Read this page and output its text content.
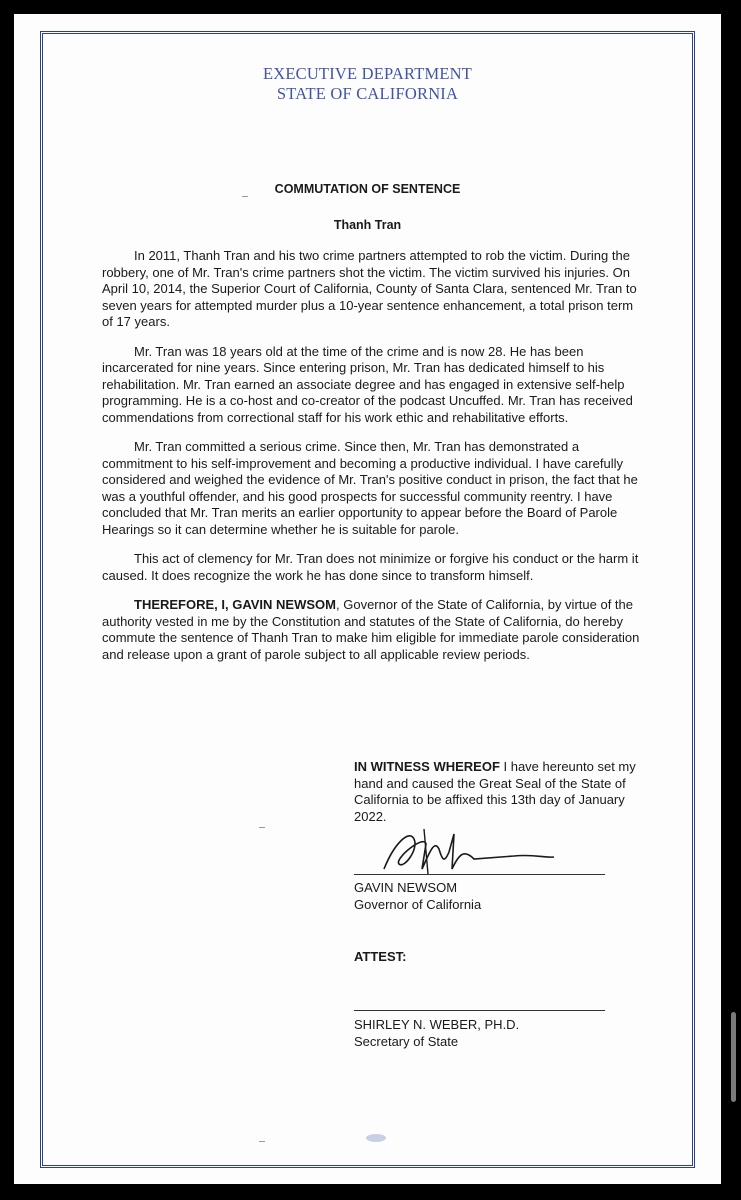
EXECUTIVE DEPARTMENT
STATE OF CALIFORNIA
COMMUTATION OF SENTENCE
Thanh Tran

In 2011, Thanh Tran and his two crime partners attempted to rob the victim. During the robbery, one of Mr. Tran's crime partners shot the victim. The victim survived his injuries. On April 10, 2014, the Superior Court of California, County of Santa Clara, sentenced Mr. Tran to seven years for attempted murder plus a 10-year sentence enhancement, a total prison term of 17 years.

Mr. Tran was 18 years old at the time of the crime and is now 28. He has been incarcerated for nine years. Since entering prison, Mr. Tran has dedicated himself to his rehabilitation. Mr. Tran earned an associate degree and has engaged in extensive self-help programming. He is a co-host and co-creator of the podcast Uncuffed. Mr. Tran has received commendations from correctional staff for his work ethic and rehabilitative efforts.

Mr. Tran committed a serious crime. Since then, Mr. Tran has demonstrated a commitment to his self-improvement and becoming a productive individual. I have carefully considered and weighed the evidence of Mr. Tran's positive conduct in prison, the fact that he was a youthful offender, and his good prospects for successful community reentry. I have concluded that Mr. Tran merits an earlier opportunity to appear before the Board of Parole Hearings so it can determine whether he is suitable for parole.

This act of clemency for Mr. Tran does not minimize or forgive his conduct or the harm it caused. It does recognize the work he has done since to transform himself.

THEREFORE, I, GAVIN NEWSOM, Governor of the State of California, by virtue of the authority vested in me by the Constitution and statutes of the State of California, do hereby commute the sentence of Thanh Tran to make him eligible for immediate parole consideration and release upon a grant of parole subject to all applicable review periods.

IN WITNESS WHEREOF I have hereunto set my hand and caused the Great Seal of the State of California to be affixed this 13th day of January 2022.
GAVIN NEWSOM
Governor of California
ATTEST:
SHIRLEY N. WEBER, PH.D.
Secretary of State
